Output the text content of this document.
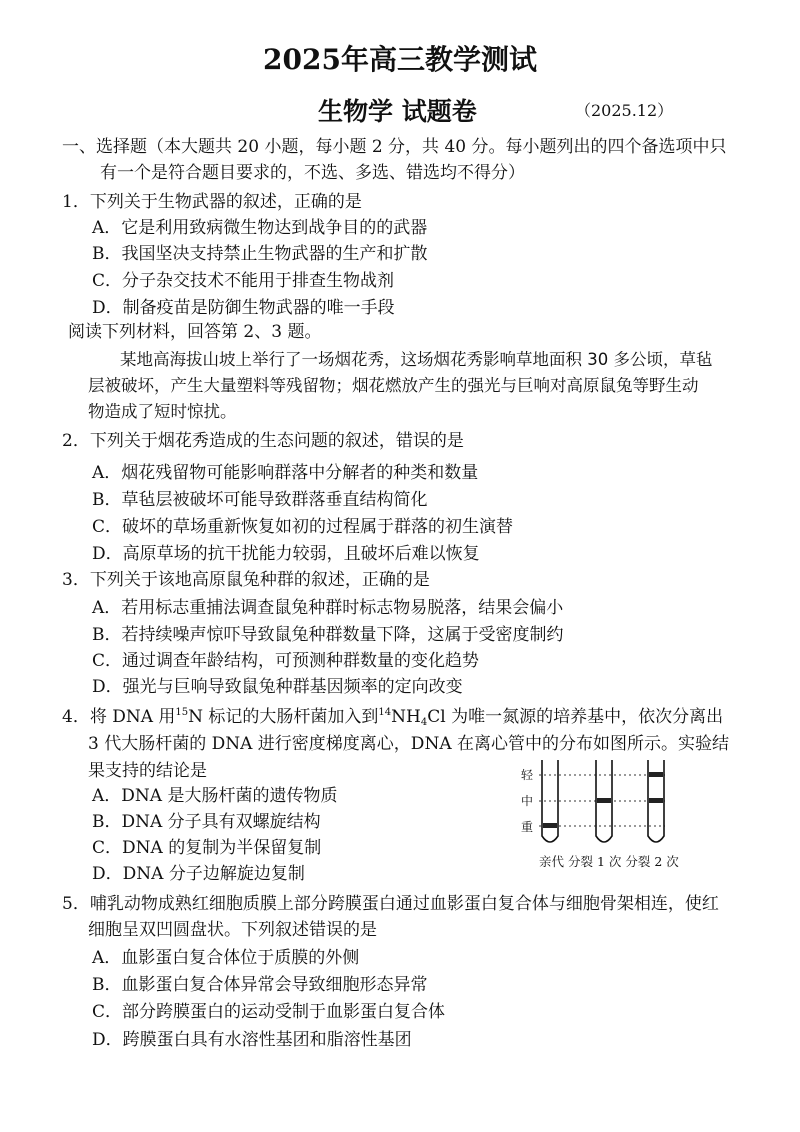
2025年高三教学测试
生物学 试题卷	（2025.12）
一、选择题（本大题共 20 小题，每小题 2 分，共 40 分。每小题列出的四个备选项中只
有一个是符合题目要求的，不选、多选、错选均不得分）
1．下列关于生物武器的叙述，正确的是
A．它是利用致病微生物达到战争目的的武器
B．我国坚决支持禁止生物武器的生产和扩散
C．分子杂交技术不能用于排查生物战剂
D．制备疫苗是防御生物武器的唯一手段
阅读下列材料，回答第 2、3 题。
某地高海拔山坡上举行了一场烟花秀，这场烟花秀影响草地面积 30 多公顷，草毡
层被破坏，产生大量塑料等残留物；烟花燃放产生的强光与巨响对高原鼠兔等野生动
物造成了短时惊扰。
2．下列关于烟花秀造成的生态问题的叙述，错误的是
A．烟花残留物可能影响群落中分解者的种类和数量
B．草毡层被破坏可能导致群落垂直结构简化
C．破坏的草场重新恢复如初的过程属于群落的初生演替
D．高原草场的抗干扰能力较弱，且破坏后难以恢复
3．下列关于该地高原鼠兔种群的叙述，正确的是
A．若用标志重捕法调查鼠兔种群时标志物易脱落，结果会偏小
B．若持续噪声惊吓导致鼠兔种群数量下降，这属于受密度制约
C．通过调查年龄结构，可预测种群数量的变化趋势
D．强光与巨响导致鼠兔种群基因频率的定向改变
4．将 DNA 用$^{15}$N 标记的大肠杆菌加入到$^{14}NH_4Cl$ 为唯一氮源的培养基中，依次分离出
3 代大肠杆菌的 DNA 进行密度梯度离心，DNA 在离心管中的分布如图所示。实验结
果支持的结论是
A．DNA 是大肠杆菌的遗传物质
B．DNA 分子具有双螺旋结构
C．DNA 的复制为半保留复制
D．DNA 分子边解旋边复制
轻
中
重
亲代 分裂 1 次 分裂 2 次
5．哺乳动物成熟红细胞质膜上部分跨膜蛋白通过血影蛋白复合体与细胞骨架相连，使红
细胞呈双凹圆盘状。下列叙述错误的是
A．血影蛋白复合体位于质膜的外侧
B．血影蛋白复合体异常会导致细胞形态异常
C．部分跨膜蛋白的运动受制于血影蛋白复合体
D．跨膜蛋白具有水溶性基团和脂溶性基团
